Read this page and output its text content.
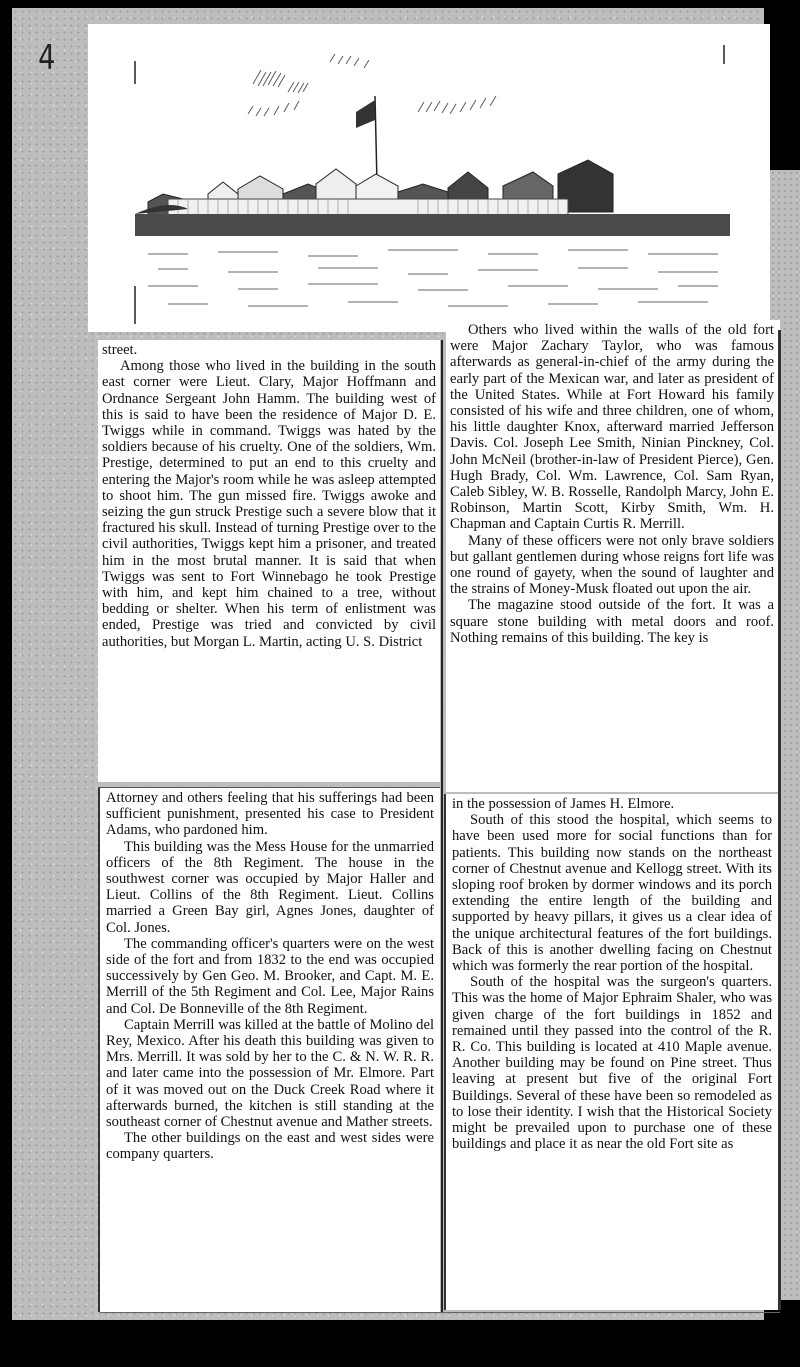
4

street.

Among those who lived in the building in the south east corner were Lieut. Clary, Major Hoffmann and Ordnance Sergeant John Hamm. The building west of this is said to have been the residence of Major D. E. Twiggs while in command. Twiggs was hated by the soldiers because of his cruelty. One of the soldiers, Wm. Prestige, determined to put an end to this cruelty and entering the Major's room while he was asleep attempted to shoot him. The gun missed fire. Twiggs awoke and seizing the gun struck Prestige such a severe blow that it fractured his skull. Instead of turning Prestige over to the civil authorities, Twiggs kept him a prisoner, and treated him in the most brutal manner. It is said that when Twiggs was sent to Fort Winnebago he took Prestige with him, and kept him chained to a tree, without bedding or shelter. When his term of enlistment was ended, Prestige was tried and convicted by civil authorities, but Morgan L. Martin, acting U. S. District

Attorney and others feeling that his sufferings had been sufficient punishment, presented his case to President Adams, who pardoned him.

This building was the Mess House for the unmarried officers of the 8th Regiment. The house in the southwest corner was occupied by Major Haller and Lieut. Collins of the 8th Regiment. Lieut. Collins married a Green Bay girl, Agnes Jones, daughter of Col. Jones.

The commanding officer's quarters were on the west side of the fort and from 1832 to the end was occupied successively by Gen Geo. M. Brooker, and Capt. M. E. Merrill of the 5th Regiment and Col. Lee, Major Rains and Col. De Bonneville of the 8th Regiment.

Captain Merrill was killed at the battle of Molino del Rey, Mexico. After his death this building was given to Mrs. Merrill. It was sold by her to the C. & N. W. R. R. and later came into the possession of Mr. Elmore. Part of it was moved out on the Duck Creek Road where it afterwards burned, the kitchen is still standing at the southeast corner of Chestnut avenue and Mather streets.

The other buildings on the east and west sides were company quarters.

Others who lived within the walls of the old fort were Major Zachary Taylor, who was famous afterwards as general-in-chief of the army during the early part of the Mexican war, and later as president of the United States. While at Fort Howard his family consisted of his wife and three children, one of whom, his little daughter Knox, afterward married Jefferson Davis. Col. Joseph Lee Smith, Ninian Pinckney, Col. John McNeil (brother-in-law of President Pierce), Gen. Hugh Brady, Col. Wm. Lawrence, Col. Sam Ryan, Caleb Sibley, W. B. Rosselle, Randolph Marcy, John E. Robinson, Martin Scott, Kirby Smith, Wm. H. Chapman and Captain Curtis R. Merrill.

Many of these officers were not only brave soldiers but gallant gentlemen during whose reigns fort life was one round of gayety, when the sound of laughter and the strains of Money-Musk floated out upon the air.

The magazine stood outside of the fort. It was a square stone building with metal doors and roof. Nothing remains of this building. The key is

in the possession of James H. Elmore.

South of this stood the hospital, which seems to have been used more for social functions than for patients. This building now stands on the northeast corner of Chestnut avenue and Kellogg street. With its sloping roof broken by dormer windows and its porch extending the entire length of the building and supported by heavy pillars, it gives us a clear idea of the unique architectural features of the fort buildings. Back of this is another dwelling facing on Chestnut which was formerly the rear portion of the hospital.

South of the hospital was the surgeon's quarters. This was the home of Major Ephraim Shaler, who was given charge of the fort buildings in 1852 and remained until they passed into the control of the R. R. Co. This building is located at 410 Maple avenue. Another building may be found on Pine street. Thus leaving at present but five of the original Fort Buildings. Several of these have been so remodeled as to lose their identity. I wish that the Historical Society might be prevailed upon to purchase one of these buildings and place it as near the old Fort site as
